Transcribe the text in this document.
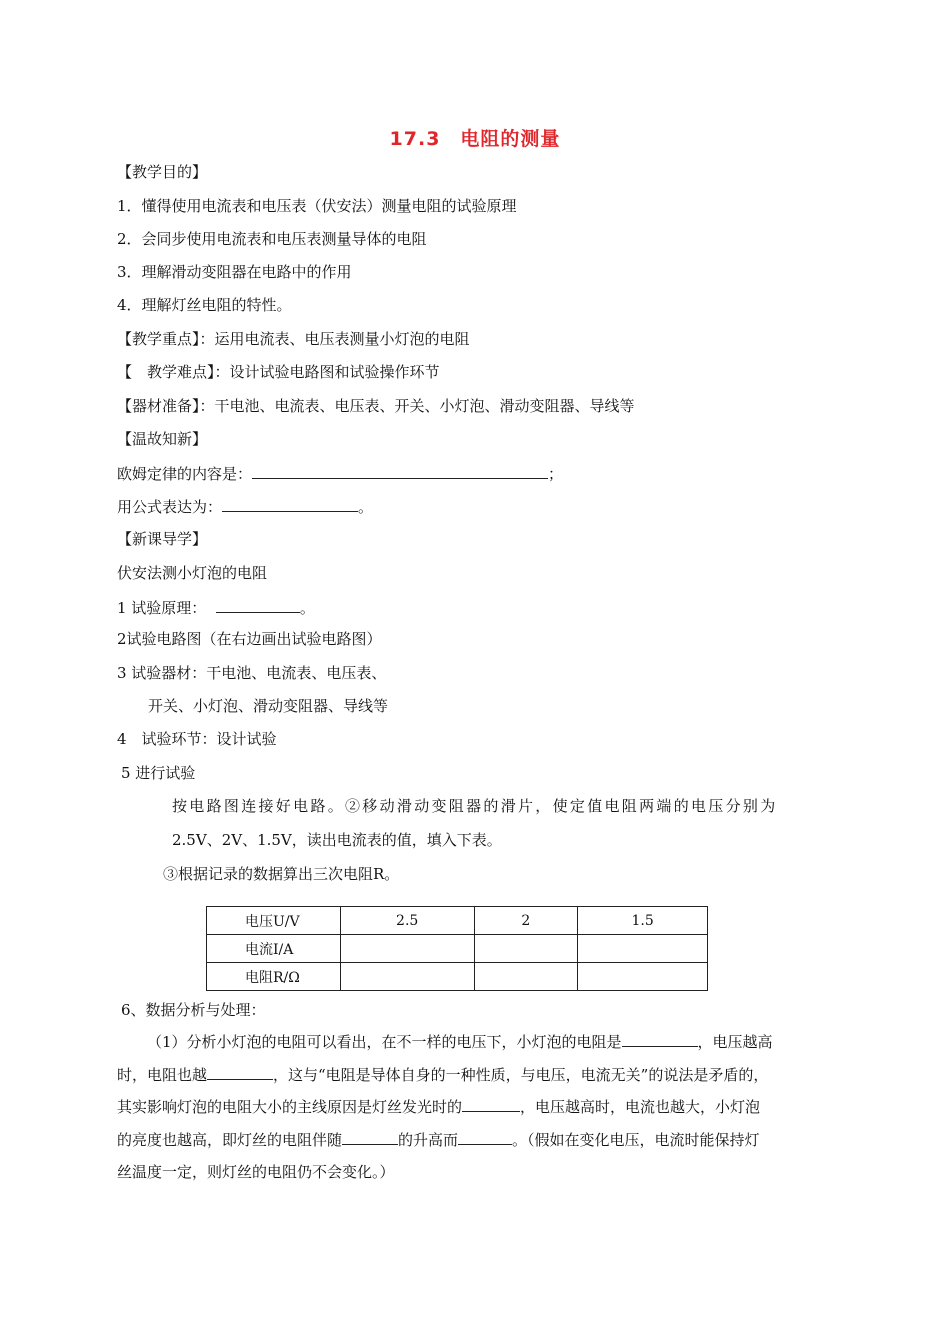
17.3　电阻的测量
【教学目的】
1．懂得使用电流表和电压表（伏安法）测量电阻的试验原理
2．会同步使用电流表和电压表测量导体的电阻
3．理解滑动变阻器在电路中的作用
4．理解灯丝电阻的特性。
【教学重点】：运用电流表、电压表测量小灯泡的电阻
【　教学难点】：设计试验电路图和试验操作环节
【器材准备】：干电池、电流表、电压表、开关、小灯泡、滑动变阻器、导线等
【温故知新】
欧姆定律的内容是：	；
用公式表达为：	。
【新课导学】
伏安法测小灯泡的电阻
1 试验原理：	。
2试验电路图（在右边画出试验电路图）
3 试验器材：干电池、电流表、电压表、
开关、小灯泡、滑动变阻器、导线等
4　试验环节：设计试验
5 进行试验
按电路图连接好电路。②移动滑动变阻器的滑片，使定值电阻两端的电压分别为
2.5V、2V、1.5V，读出电流表的值，填入下表。
③根据记录的数据算出三次电阻R。
电压U/V	2.5	2	1.5
电流I/A			
电阻R/Ω			
6、数据分析与处理：
（1）分析小灯泡的电阻可以看出，在不一样的电压下，小灯泡的电阻是	，电压越高
时，电阻也越	，这与“电阻是导体自身的一种性质，与电压，电流无关”的说法是矛盾的，
其实影响灯泡的电阻大小的主线原因是灯丝发光时的	，电压越高时，电流也越大，小灯泡
的亮度也越高，即灯丝的电阻伴随	的升高而	。（假如在变化电压，电流时能保持灯
丝温度一定，则灯丝的电阻仍不会变化。）
